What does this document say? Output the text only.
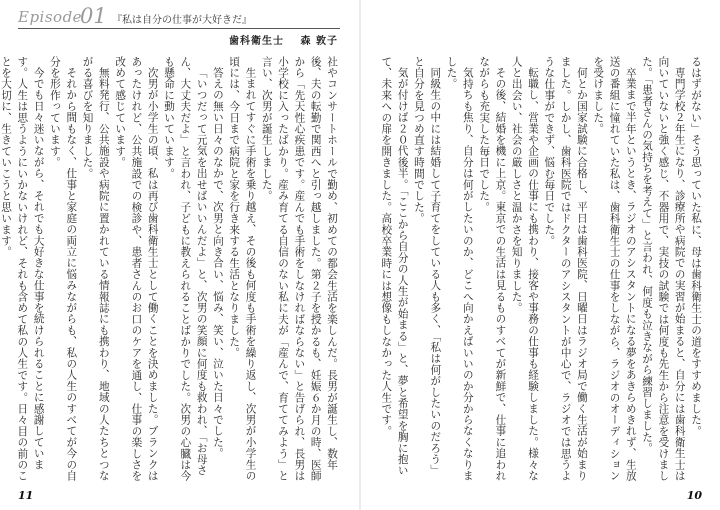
Episode
01 『私は自分の仕事が大好きだ』
歯科衛生士 森 敦子

社やコンサートホールで勤め、初めての都会生活を楽しんだ。長男が誕生し、数年後、夫の転勤で関西へと引っ越しました。第２子を授かるも、妊娠６か月の時、医師から「先天性心疾患です。産んでも手術をしなければならない」と告げられ、長男は小学校に入ったばかり。産み育てる自信のない私に夫が「産んで、育ててみよう」と言い、次男が誕生しました。

生まれてすぐに手術を乗り越え、その後も何度も手術を繰り返し、次男が小学生の頃には、今日まで病院と家を行き来する生活となりました。

答えの無い日々のなかで、次男と向き合い、悩み、笑い、泣いた日々でした。

「いつだって元気を出せばいいんだよ」と、次男の笑顔に何度も救われ、「お母さん、大丈夫だよ」と言われ、子どもに教えられることばかりでした。次男の心臓は今も懸命に動いています。

次男が小学生の頃、私は再び歯科衛生士として働くことを決めました。ブランクはあったけれど、公共施設での検診や、患者さんのお口のケアを通し、仕事の楽しさを改めて感じています。

無料発行、公共施設や病院に置かれている情報誌にも携わり、地域の人たちとつながる喜びを知りました。

それから間もなく、仕事と家庭の両立に悩みながらも、私の人生のすべてが今の自分を形作っています。

今でも日々迷いながら、それでも大好きな仕事を続けられることに感謝しています。人生は思うようにいかないけれど、それも含めて私の人生です。日々目の前のことを大切に、生きていこうと思います。

11

るはずがない」そう思っていた私に、母は歯科衛生士の道をすすめました。

専門学校２年生になり、診療所や病院での実習が始まると、自分には歯科衛生士は向いていないと強く感じ、不器用で、実技の試験では何度も先生から注意を受けました。「患者さんの気持ちを考えて」と言われ、何度も泣きながら練習しました。

卒業まで半年というとき、ラジオのアシスタントになる夢をあきらめきれず、生放送の番組に憧れていた私は、歯科衛生士の仕事をしながら、ラジオのオーディションを受けました。

何とか国家試験に合格し、平日は歯科医院、日曜日はラジオ局で働く生活が始まりました。しかし、歯科医院ではドクターのアシスタントが中心で、ラジオでは思うような仕事ができず、悩む毎日でした。

転職し、営業や企画の仕事にも携わり、接客や事務の仕事も経験しました。様々な人と出会い、社会の厳しさと温かさを知りました。

その後、結婚を機に上京。東京での生活は見るものすべてが新鮮で、仕事に追われながらも充実した毎日でした。

気持ちも焦り、自分は何がしたいのか、どこへ向かえばいいのか分からなくなりました。

同級生の中には結婚して子育てをしている人も多く、「私は何がしたいのだろう」と自分を見つめ直す時間でした。

気が付けば２０代後半。「ここから自分の人生が始まる」と、夢と希望を胸に抱いて、未来への扉を開きました。高校卒業時には想像もしなかった人生です。

10
